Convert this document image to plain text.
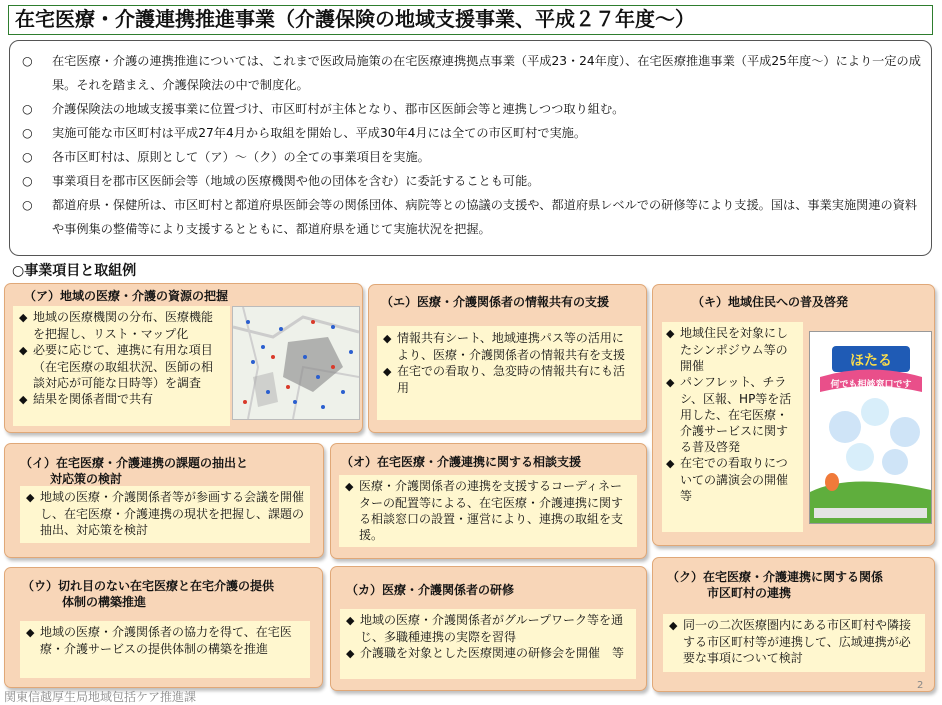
在宅医療・介護連携推進事業（介護保険の地域支援事業、平成２７年度～）
○ 在宅医療・介護の連携推進については、これまで医政局施策の在宅医療連携拠点事業（平成23・24年度）、在宅医療推進事業（平成25年度～）により一定の成果。それを踏まえ、介護保険法の中で制度化。
○ 介護保険法の地域支援事業に位置づけ、市区町村が主体となり、郡市区医師会等と連携しつつ取り組む。
○ 実施可能な市区町村は平成27年4月から取組を開始し、平成30年4月には全ての市区町村で実施。
○ 各市区町村は、原則として（ア）～（ク）の全ての事業項目を実施。
○ 事業項目を郡市区医師会等（地域の医療機関や他の団体を含む）に委託することも可能。
○ 都道府県・保健所は、市区町村と都道府県医師会等の関係団体、病院等との協議の支援や、都道府県レベルでの研修等により支援。国は、事業実施関連の資料や事例集の整備等により支援するとともに、都道府県を通じて実施状況を把握。
○事業項目と取組例
（ア）地域の医療・介護の資源の把握
◆ 地域の医療機関の分布、医療機能を把握し、リスト・マップ化
◆ 必要に応じて、連携に有用な項目（在宅医療の取組状況、医師の相談対応が可能な日時等）を調査
◆ 結果を関係者間で共有
（エ）医療・介護関係者の情報共有の支援
◆ 情報共有シート、地域連携パス等の活用により、医療・介護関係者の情報共有を支援
◆ 在宅での看取り、急変時の情報共有にも活用
（キ）地域住民への普及啓発
◆ 地域住民を対象にしたシンポジウム等の開催
◆ パンフレット、チラシ、区報、HP等を活用した、在宅医療・介護サービスに関する普及啓発
◆ 在宅での看取りについての講演会の開催等
ほたる
何でも相談窓口です
（イ）在宅医療・介護連携の課題の抽出と
対応策の検討
◆ 地域の医療・介護関係者等が参画する会議を開催し、在宅医療・介護連携の現状を把握し、課題の抽出、対応策を検討
（オ）在宅医療・介護連携に関する相談支援
◆ 医療・介護関係者の連携を支援するコーディネーターの配置等による、在宅医療・介護連携に関する相談窓口の設置・運営により、連携の取組を支援。
（ウ）切れ目のない在宅医療と在宅介護の提供
体制の構築推進
◆ 地域の医療・介護関係者の協力を得て、在宅医療・介護サービスの提供体制の構築を推進
（カ）医療・介護関係者の研修
◆ 地域の医療・介護関係者がグループワーク等を通じ、多職種連携の実際を習得
◆ 介護職を対象とした医療関連の研修会を開催　等
（ク）在宅医療・介護連携に関する関係
市区町村の連携
◆ 同一の二次医療圏内にある市区町村や隣接する市区町村等が連携して、広域連携が必要な事項について検討
関東信越厚生局地域包括ケア推進課
2
